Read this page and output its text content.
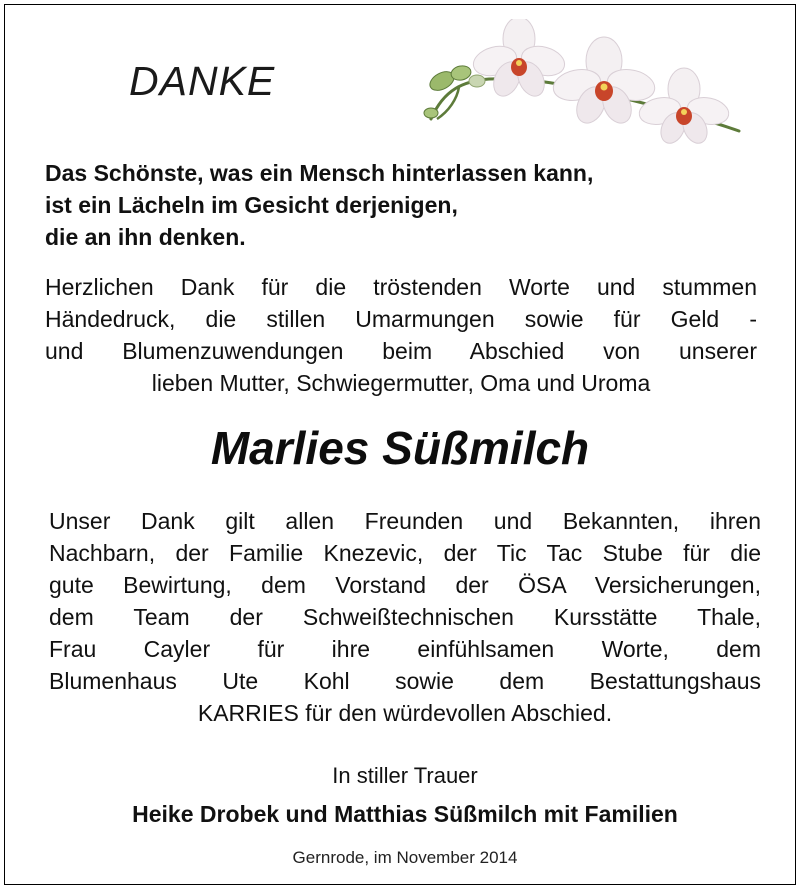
DANKE
Das Schönste, was ein Mensch hinterlassen kann,
ist ein Lächeln im Gesicht derjenigen,
die an ihn denken.
Herzlichen Dank für die tröstenden Worte und stummen
Händedruck, die stillen Umarmungen sowie für Geld -
und Blumenzuwendungen beim Abschied von unserer
lieben Mutter, Schwiegermutter, Oma und Uroma
Marlies Süßmilch
Unser Dank gilt allen Freunden und Bekannten, ihren
Nachbarn, der Familie Knezevic, der Tic Tac Stube für die
gute Bewirtung, dem Vorstand der ÖSA Versicherungen,
dem Team der Schweißtechnischen Kursstätte Thale,
Frau Cayler für ihre einfühlsamen Worte, dem
Blumenhaus Ute Kohl sowie dem Bestattungshaus
KARRIES für den würdevollen Abschied.
In stiller Trauer
Heike Drobek und Matthias Süßmilch mit Familien
Gernrode, im November 2014
